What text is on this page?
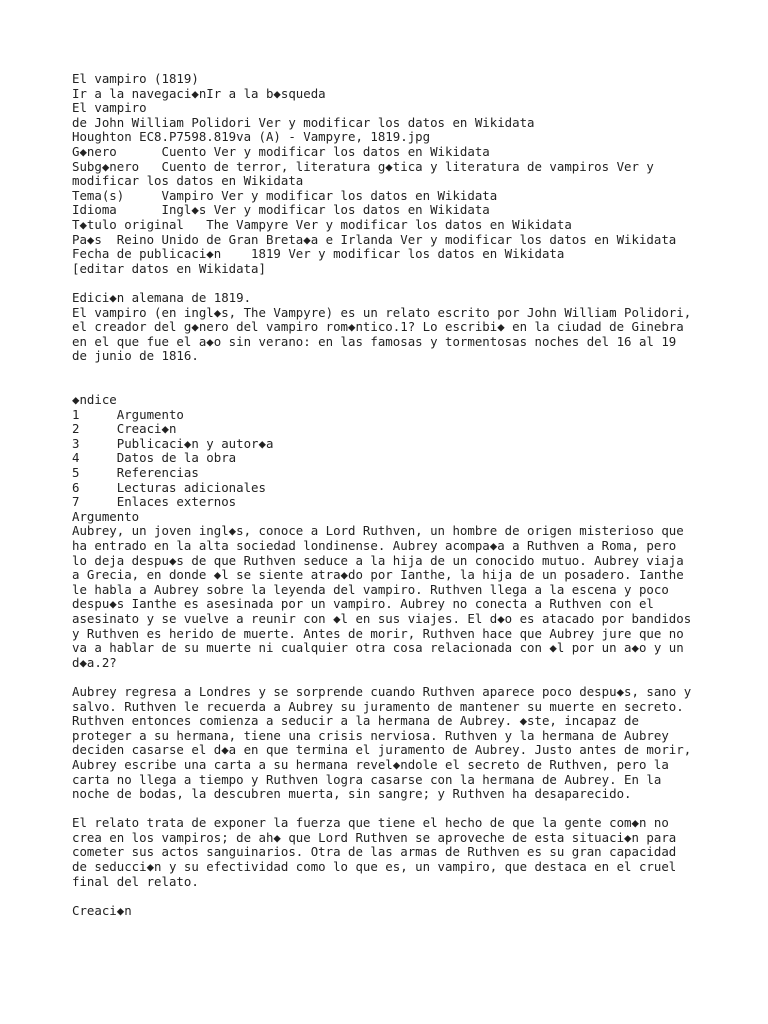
El vampiro (1819)
Ir a la navegaci◆nIr a la b◆squeda
El vampiro
de John William Polidori Ver y modificar los datos en Wikidata
Houghton EC8.P7598.819va (A) - Vampyre, 1819.jpg
G◆nero      Cuento Ver y modificar los datos en Wikidata
Subg◆nero   Cuento de terror, literatura g◆tica y literatura de vampiros Ver y
modificar los datos en Wikidata
Tema(s)     Vampiro Ver y modificar los datos en Wikidata
Idioma      Ingl◆s Ver y modificar los datos en Wikidata
T◆tulo original   The Vampyre Ver y modificar los datos en Wikidata
Pa◆s  Reino Unido de Gran Breta◆a e Irlanda Ver y modificar los datos en Wikidata
Fecha de publicaci◆n    1819 Ver y modificar los datos en Wikidata
[editar datos en Wikidata]
Edici◆n alemana de 1819.
El vampiro (en ingl◆s, The Vampyre) es un relato escrito por John William Polidori,
el creador del g◆nero del vampiro rom◆ntico.1? Lo escribi◆ en la ciudad de Ginebra
en el que fue el a◆o sin verano: en las famosas y tormentosas noches del 16 al 19
de junio de 1816.
◆ndice
1     Argumento
2     Creaci◆n
3     Publicaci◆n y autor◆a
4     Datos de la obra
5     Referencias
6     Lecturas adicionales
7     Enlaces externos
Argumento
Aubrey, un joven ingl◆s, conoce a Lord Ruthven, un hombre de origen misterioso que
ha entrado en la alta sociedad londinense. Aubrey acompa◆a a Ruthven a Roma, pero
lo deja despu◆s de que Ruthven seduce a la hija de un conocido mutuo. Aubrey viaja
a Grecia, en donde ◆l se siente atra◆do por Ianthe, la hija de un posadero. Ianthe
le habla a Aubrey sobre la leyenda del vampiro. Ruthven llega a la escena y poco
despu◆s Ianthe es asesinada por un vampiro. Aubrey no conecta a Ruthven con el
asesinato y se vuelve a reunir con ◆l en sus viajes. El d◆o es atacado por bandidos
y Ruthven es herido de muerte. Antes de morir, Ruthven hace que Aubrey jure que no
va a hablar de su muerte ni cualquier otra cosa relacionada con ◆l por un a◆o y un
d◆a.2?
Aubrey regresa a Londres y se sorprende cuando Ruthven aparece poco despu◆s, sano y
salvo. Ruthven le recuerda a Aubrey su juramento de mantener su muerte en secreto.
Ruthven entonces comienza a seducir a la hermana de Aubrey. ◆ste, incapaz de
proteger a su hermana, tiene una crisis nerviosa. Ruthven y la hermana de Aubrey
deciden casarse el d◆a en que termina el juramento de Aubrey. Justo antes de morir,
Aubrey escribe una carta a su hermana revel◆ndole el secreto de Ruthven, pero la
carta no llega a tiempo y Ruthven logra casarse con la hermana de Aubrey. En la
noche de bodas, la descubren muerta, sin sangre; y Ruthven ha desaparecido.
El relato trata de exponer la fuerza que tiene el hecho de que la gente com◆n no
crea en los vampiros; de ah◆ que Lord Ruthven se aproveche de esta situaci◆n para
cometer sus actos sanguinarios. Otra de las armas de Ruthven es su gran capacidad
de seducci◆n y su efectividad como lo que es, un vampiro, que destaca en el cruel
final del relato.
Creaci◆n
